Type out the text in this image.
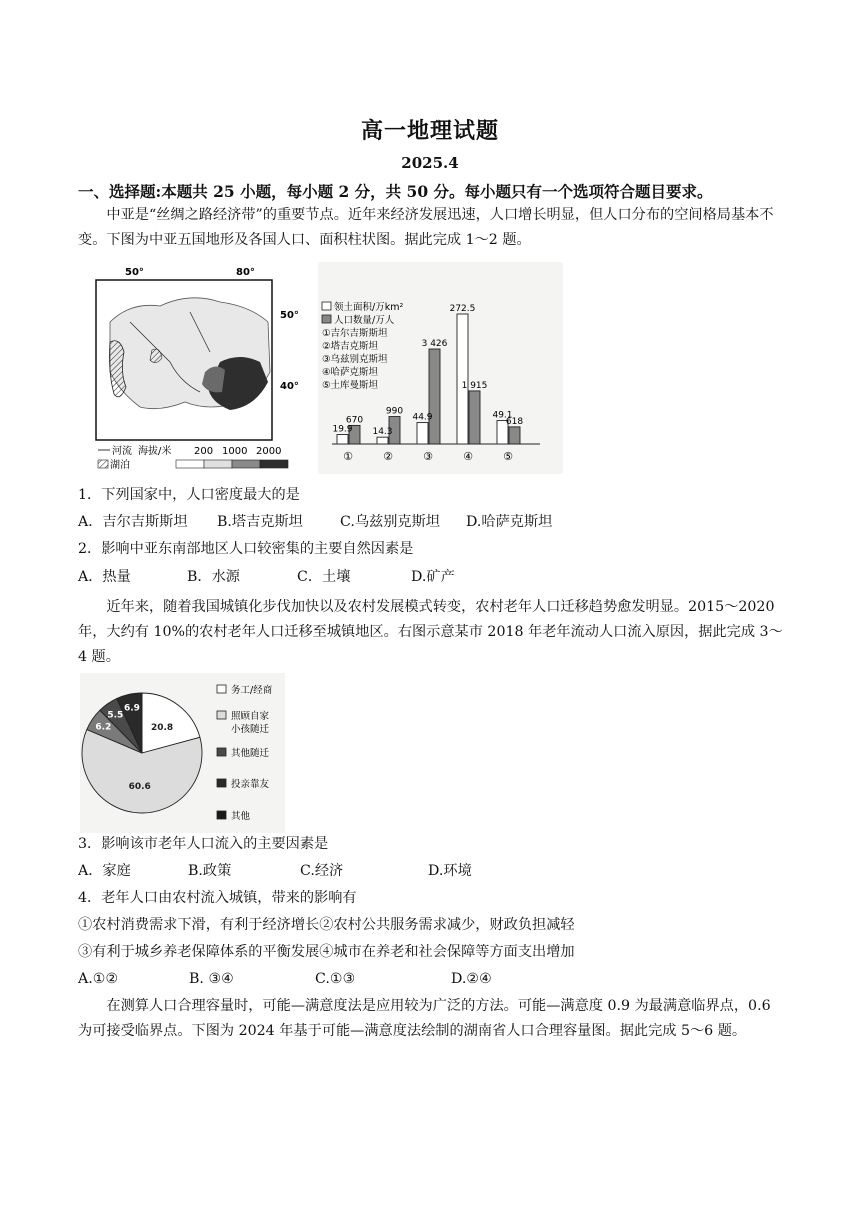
高一地理试题
2025.4
一、选择题:本题共 25 小题，每小题 2 分，共 50 分。每小题只有一个选项符合题目要求。
中亚是“丝绸之路经济带”的重要节点。近年来经济发展迅速，人口增长明显，但人口分布的空间格局基本不变。下图为中亚五国地形及各国人口、面积柱状图。据此完成 1～2 题。
50°	80°
50°
40°
河流 海拔/米 200 1000 2000
湖泊
领土面积/万km²
人口数量/万人
①吉尔吉斯斯坦
②塔吉克斯坦
③乌兹别克斯坦
④哈萨克斯坦
⑤土库曼斯坦
19.9
670
①
14.3
990
②
44.9
3 426
③
272.5
1 915
④
49.1
618
⑤
1．下列国家中，人口密度最大的是
A．吉尔吉斯斯坦 B.塔吉克斯坦	C.乌兹别克斯坦 D.哈萨克斯坦
2．影响中亚东南部地区人口较密集的主要自然因素是
A．热量	B．水源	C．土壤	D.矿产
近年来，随着我国城镇化步伐加快以及农村发展模式转变，农村老年人口迁移趋势愈发明显。2015～2020 年，大约有 10%的农村老年人口迁移至城镇地区。右图示意某市 2018 年老年流动人口流入原因，据此完成 3～4 题。
20.8
60.6
6.2
5.5
6.9
务工/经商
照顾自家
小孩随迁
其他随迁
投亲靠友
其他
3．影响该市老年人口流入的主要因素是
A．家庭	B.政策	C.经济	D.环境
4．老年人口由农村流入城镇，带来的影响有
①农村消费需求下滑，有利于经济增长②农村公共服务需求减少，财政负担减轻
③有利于城乡养老保障体系的平衡发展④城市在养老和社会保障等方面支出增加
A.①②	B. ③④	C.①③	D.②④
在测算人口合理容量时，可能—满意度法是应用较为广泛的方法。可能—满意度 0.9 为最满意临界点，0.6 为可接受临界点。下图为 2024 年基于可能—满意度法绘制的湖南省人口合理容量图。据此完成 5～6 题。
